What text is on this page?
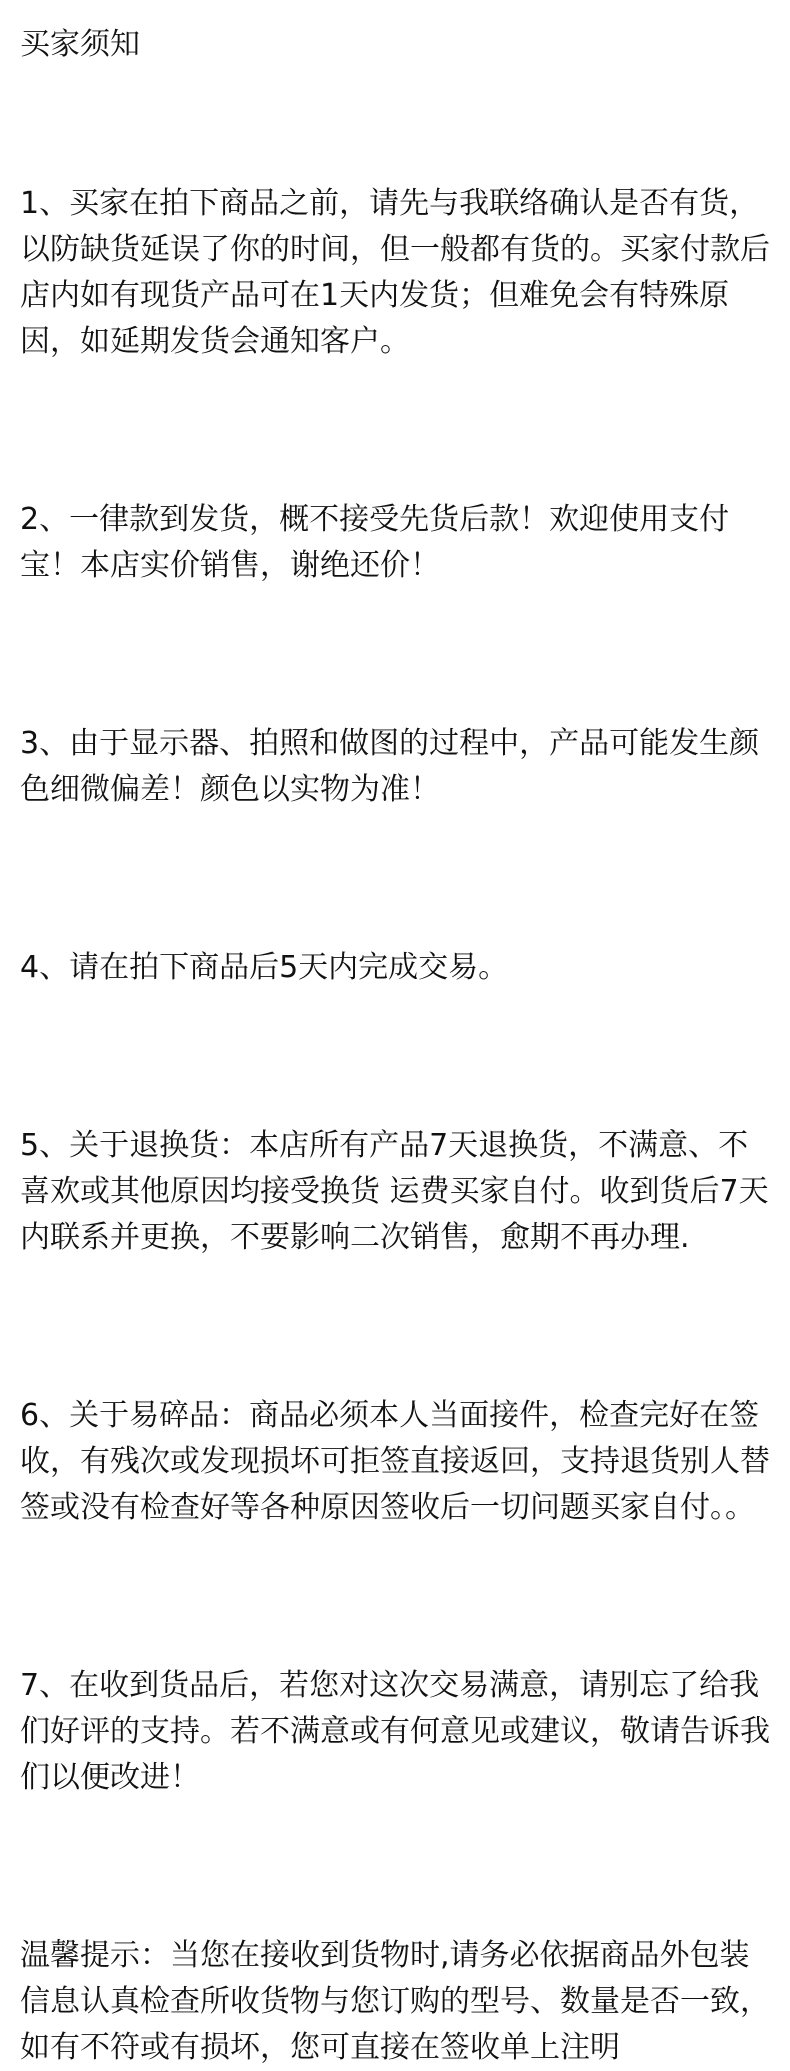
买家须知

1、买家在拍下商品之前，请先与我联络确认是否有货，以防缺货延误了你的时间，但一般都有货的。买家付款后店内如有现货产品可在1天内发货；但难免会有特殊原因，如延期发货会通知客户。

2、一律款到发货，概不接受先货后款！欢迎使用支付宝！本店实价销售，谢绝还价！

3、由于显示器、拍照和做图的过程中，产品可能发生颜色细微偏差！颜色以实物为准！

4、请在拍下商品后5天内完成交易。

5、关于退换货：本店所有产品7天退换货，不满意、不喜欢或其他原因均接受换货 运费买家自付。收到货后7天内联系并更换，不要影响二次销售，愈期不再办理.

6、关于易碎品：商品必须本人当面接件，检查完好在签收，有残次或发现损坏可拒签直接返回，支持退货别人替签或没有检查好等各种原因签收后一切问题买家自付。。

7、在收到货品后，若您对这次交易满意，请别忘了给我们好评的支持。若不满意或有何意见或建议，敬请告诉我们以便改进！

温馨提示：当您在接收到货物时,请务必依据商品外包装信息认真检查所收货物与您订购的型号、数量是否一致，如有不符或有损坏，您可直接在签收单上注明
